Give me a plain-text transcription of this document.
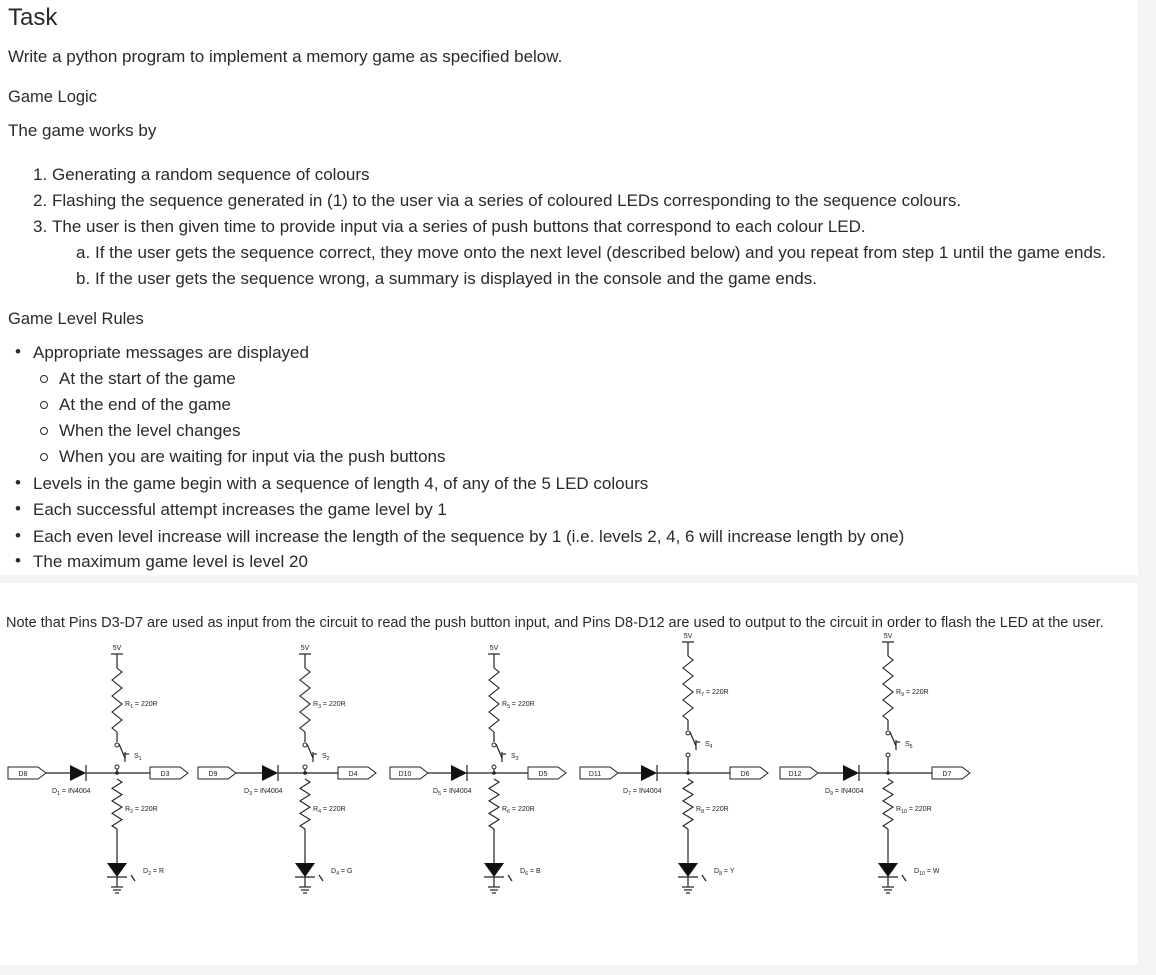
Task

Write a python program to implement a memory game as specified below.

Game Logic

The game works by

1. Generating a random sequence of colours
2. Flashing the sequence generated in (1) to the user via a series of coloured LEDs corresponding to the sequence colours.
3. The user is then given time to provide input via a series of push buttons that correspond to each colour LED.
a. If the user gets the sequence correct, they move onto the next level (described below) and you repeat from step 1 until the game ends.
b. If the user gets the sequence wrong, a summary is displayed in the console and the game ends.
Game Level Rules
• Appropriate messages are displayed
At the start of the game
At the end of the game
When the level changes
When you are waiting for input via the push buttons
• Levels in the game begin with a sequence of length 4, of any of the 5 LED colours
• Each successful attempt increases the game level by 1
• Each even level increase will increase the length of the sequence by 1 (i.e. levels 2, 4, 6 will increase length by one)
• The maximum game level is level 20

Note that Pins D3-D7 are used as input from the circuit to read the push button input, and Pins D8-D12 are used to output to the circuit in order to flash the LED at the user.

5V
$R_1 = 220R$
$S_1$
D8
$D_1 = IN4004$
D3
$R_2 = 220R$
$D_2 = R$
5V
$R_3 = 220R$
$S_2$
D9
$D_3 = IN4004$
D4
$R_4 = 220R$
$D_4 = G$
5V
$R_5 = 220R$
$S_3$
D10
$D_5 = IN4004$
D5
$R_6 = 220R$
$D_6 = B$
5V
$R_7 = 220R$
$S_4$
D11
$D_7 = IN4004$
D6
$R_8 = 220R$
$D_8 = Y$
5V
$R_9 = 220R$
$S_5$
D12
$D_9 = IN4004$
D7
$R_{10} = 220R$
$D_{10} = W$
